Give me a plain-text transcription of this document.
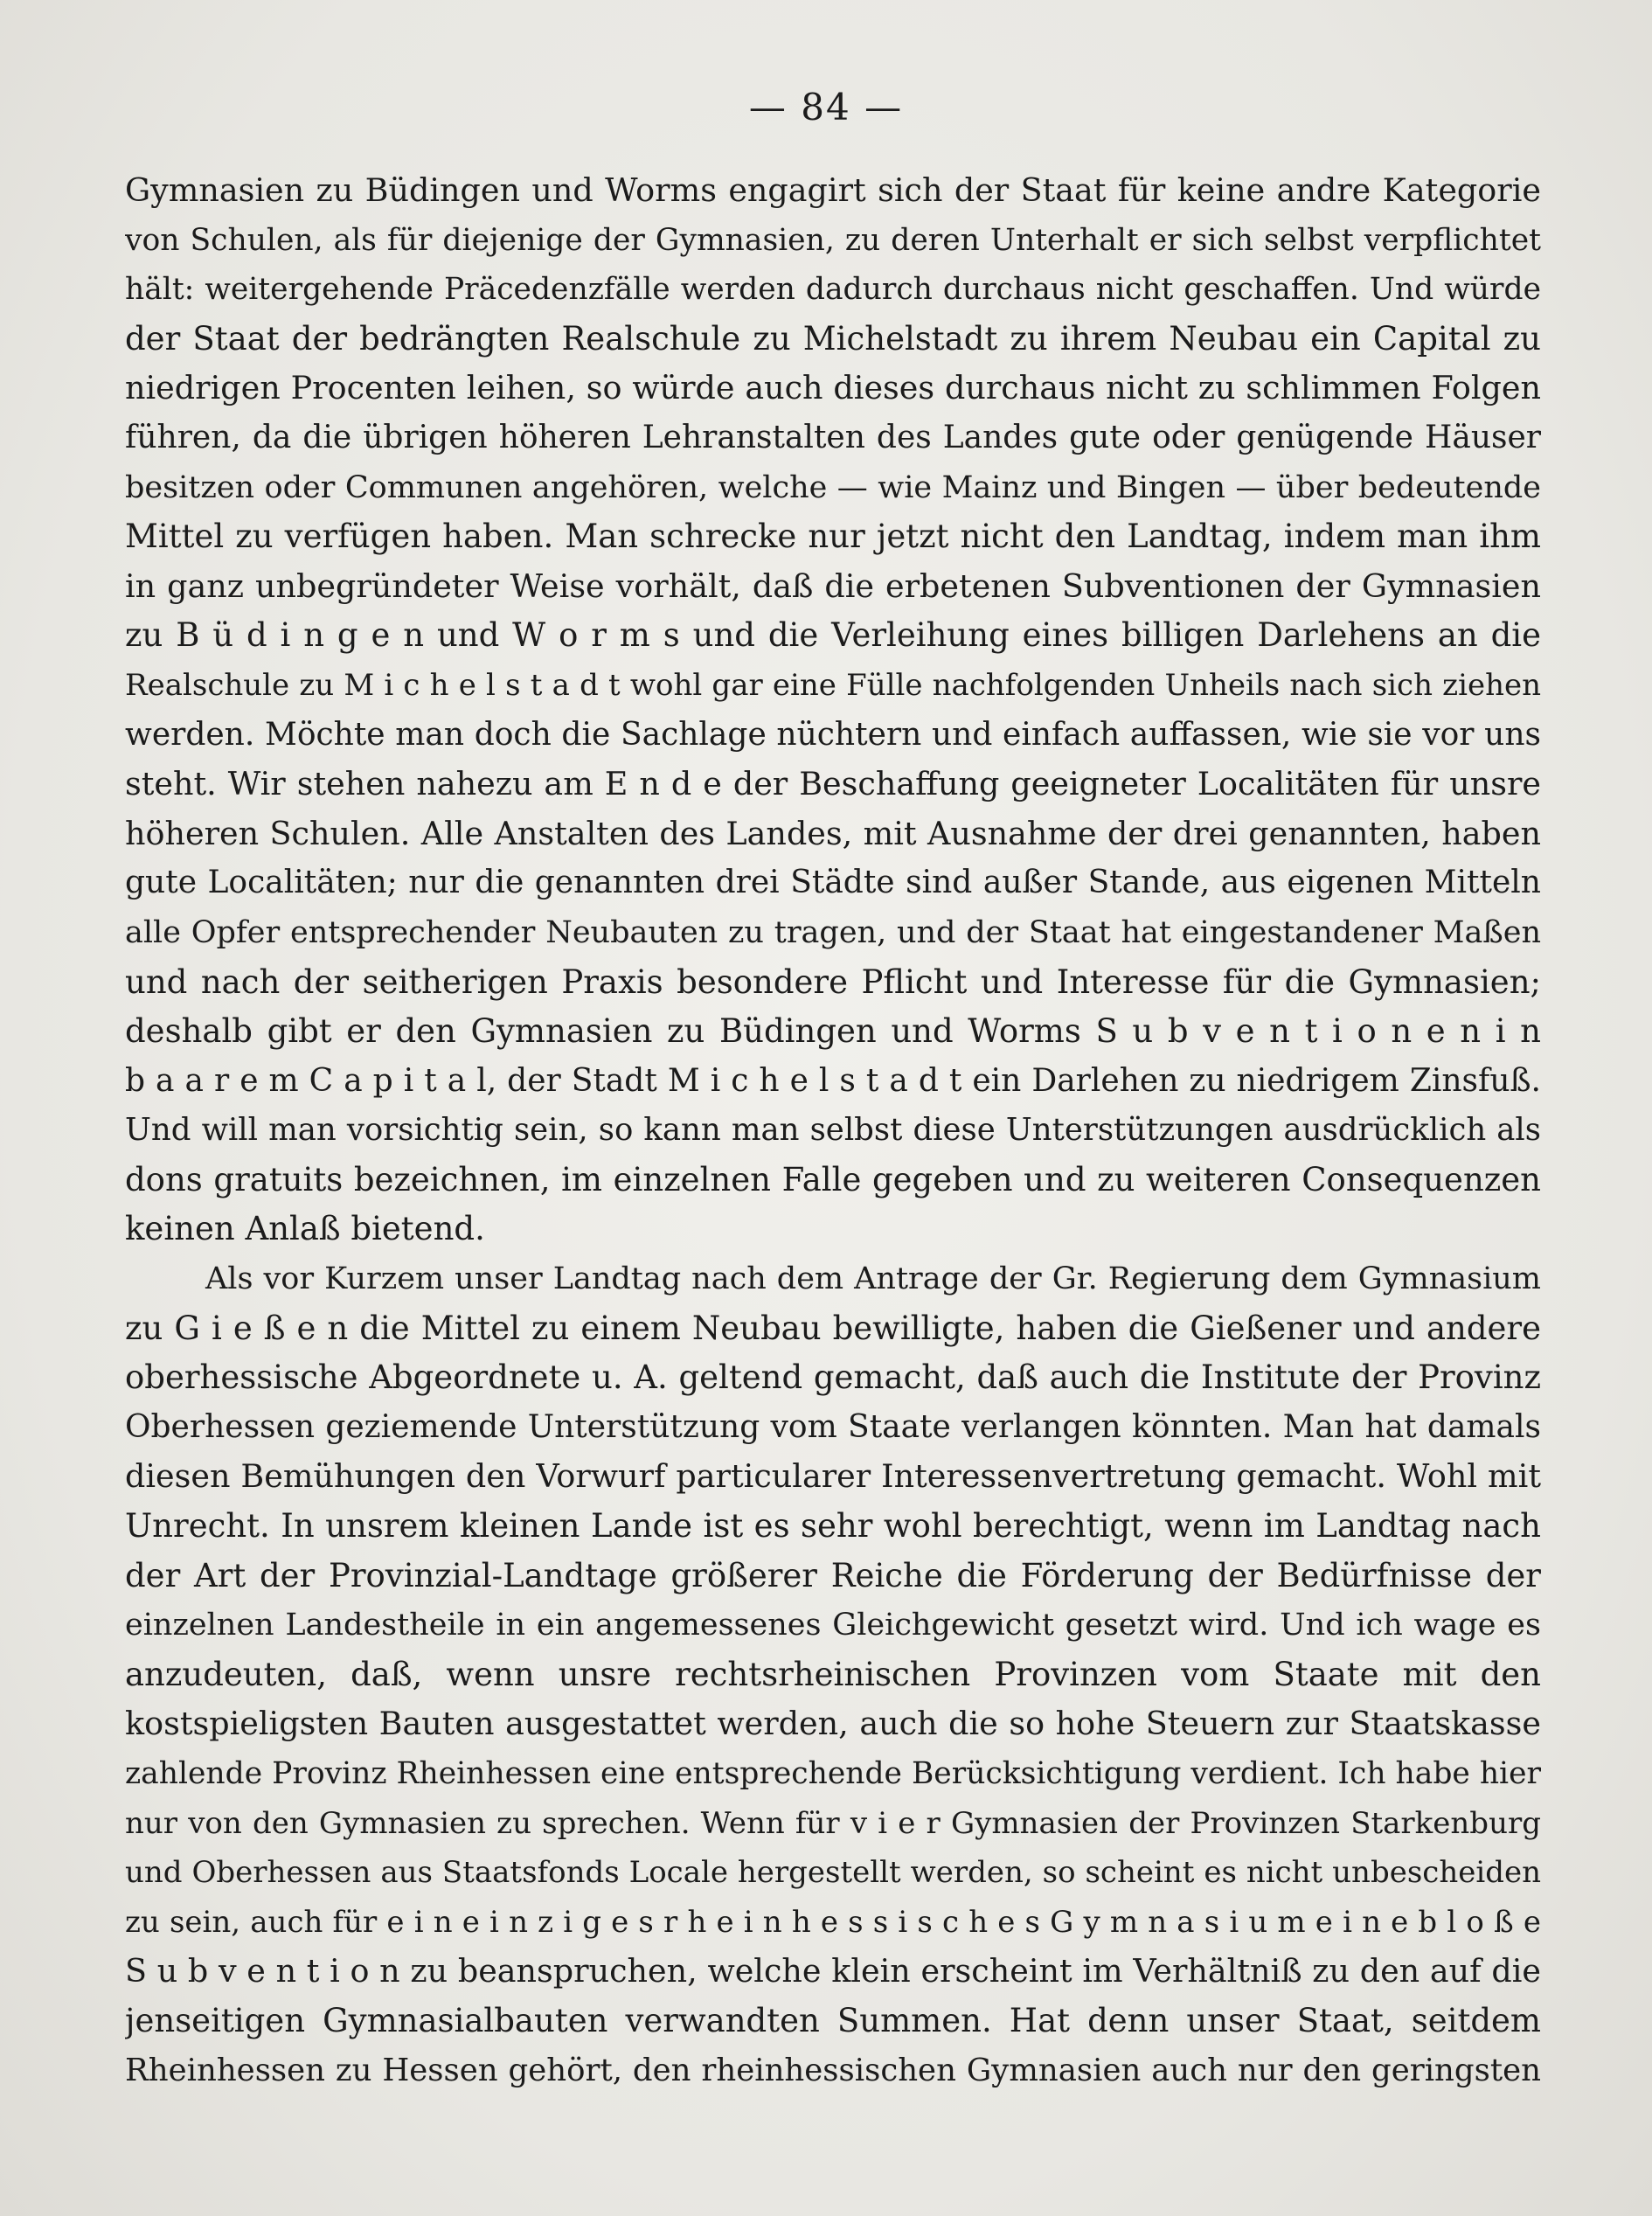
— 84 —
Gymnasien zu Büdingen und Worms engagirt sich der Staat für keine andre Kategorie
von Schulen, als für diejenige der Gymnasien, zu deren Unterhalt er sich selbst verpflichtet
hält: weitergehende Präcedenzfälle werden dadurch durchaus nicht geschaffen. Und würde
der Staat der bedrängten Realschule zu Michelstadt zu ihrem Neubau ein Capital zu
niedrigen Procenten leihen, so würde auch dieses durchaus nicht zu schlimmen Folgen
führen, da die übrigen höheren Lehranstalten des Landes gute oder genügende Häuser
besitzen oder Communen angehören, welche — wie Mainz und Bingen — über bedeutende
Mittel zu verfügen haben. Man schrecke nur jetzt nicht den Landtag, indem man ihm
in ganz unbegründeter Weise vorhält, daß die erbetenen Subventionen der Gymnasien
zu B ü d i n g e n und W o r m s und die Verleihung eines billigen Darlehens an die
Realschule zu M i c h e l s t a d t wohl gar eine Fülle nachfolgenden Unheils nach sich ziehen
werden. Möchte man doch die Sachlage nüchtern und einfach auffassen, wie sie vor uns
steht. Wir stehen nahezu am E n d e der Beschaffung geeigneter Localitäten für unsre
höheren Schulen. Alle Anstalten des Landes, mit Ausnahme der drei genannten, haben
gute Localitäten; nur die genannten drei Städte sind außer Stande, aus eigenen Mitteln
alle Opfer entsprechender Neubauten zu tragen, und der Staat hat eingestandener Maßen
und nach der seitherigen Praxis besondere Pflicht und Interesse für die Gymnasien;
deshalb gibt er den Gymnasien zu Büdingen und Worms S u b v e n t i o n e n i n
b a a r e m C a p i t a l, der Stadt M i c h e l s t a d t ein Darlehen zu niedrigem Zinsfuß.
Und will man vorsichtig sein, so kann man selbst diese Unterstützungen ausdrücklich als
dons gratuits bezeichnen, im einzelnen Falle gegeben und zu weiteren Consequenzen
keinen Anlaß bietend.
Als vor Kurzem unser Landtag nach dem Antrage der Gr. Regierung dem Gymnasium
zu G i e ß e n die Mittel zu einem Neubau bewilligte, haben die Gießener und andere
oberhessische Abgeordnete u. A. geltend gemacht, daß auch die Institute der Provinz
Oberhessen geziemende Unterstützung vom Staate verlangen könnten. Man hat damals
diesen Bemühungen den Vorwurf particularer Interessenvertretung gemacht. Wohl mit
Unrecht. In unsrem kleinen Lande ist es sehr wohl berechtigt, wenn im Landtag nach
der Art der Provinzial-Landtage größerer Reiche die Förderung der Bedürfnisse der
einzelnen Landestheile in ein angemessenes Gleichgewicht gesetzt wird. Und ich wage es
anzudeuten, daß, wenn unsre rechtsrheinischen Provinzen vom Staate mit den
kostspieligsten Bauten ausgestattet werden, auch die so hohe Steuern zur Staatskasse
zahlende Provinz Rheinhessen eine entsprechende Berücksichtigung verdient. Ich habe hier
nur von den Gymnasien zu sprechen. Wenn für v i e r Gymnasien der Provinzen Starkenburg
und Oberhessen aus Staatsfonds Locale hergestellt werden, so scheint es nicht unbescheiden
zu sein, auch für e i n e i n z i g e s r h e i n h e s s i s c h e s G y m n a s i u m e i n e b l o ß e
S u b v e n t i o n zu beanspruchen, welche klein erscheint im Verhältniß zu den auf die
jenseitigen Gymnasialbauten verwandten Summen. Hat denn unser Staat, seitdem
Rheinhessen zu Hessen gehört, den rheinhessischen Gymnasien auch nur den geringsten
